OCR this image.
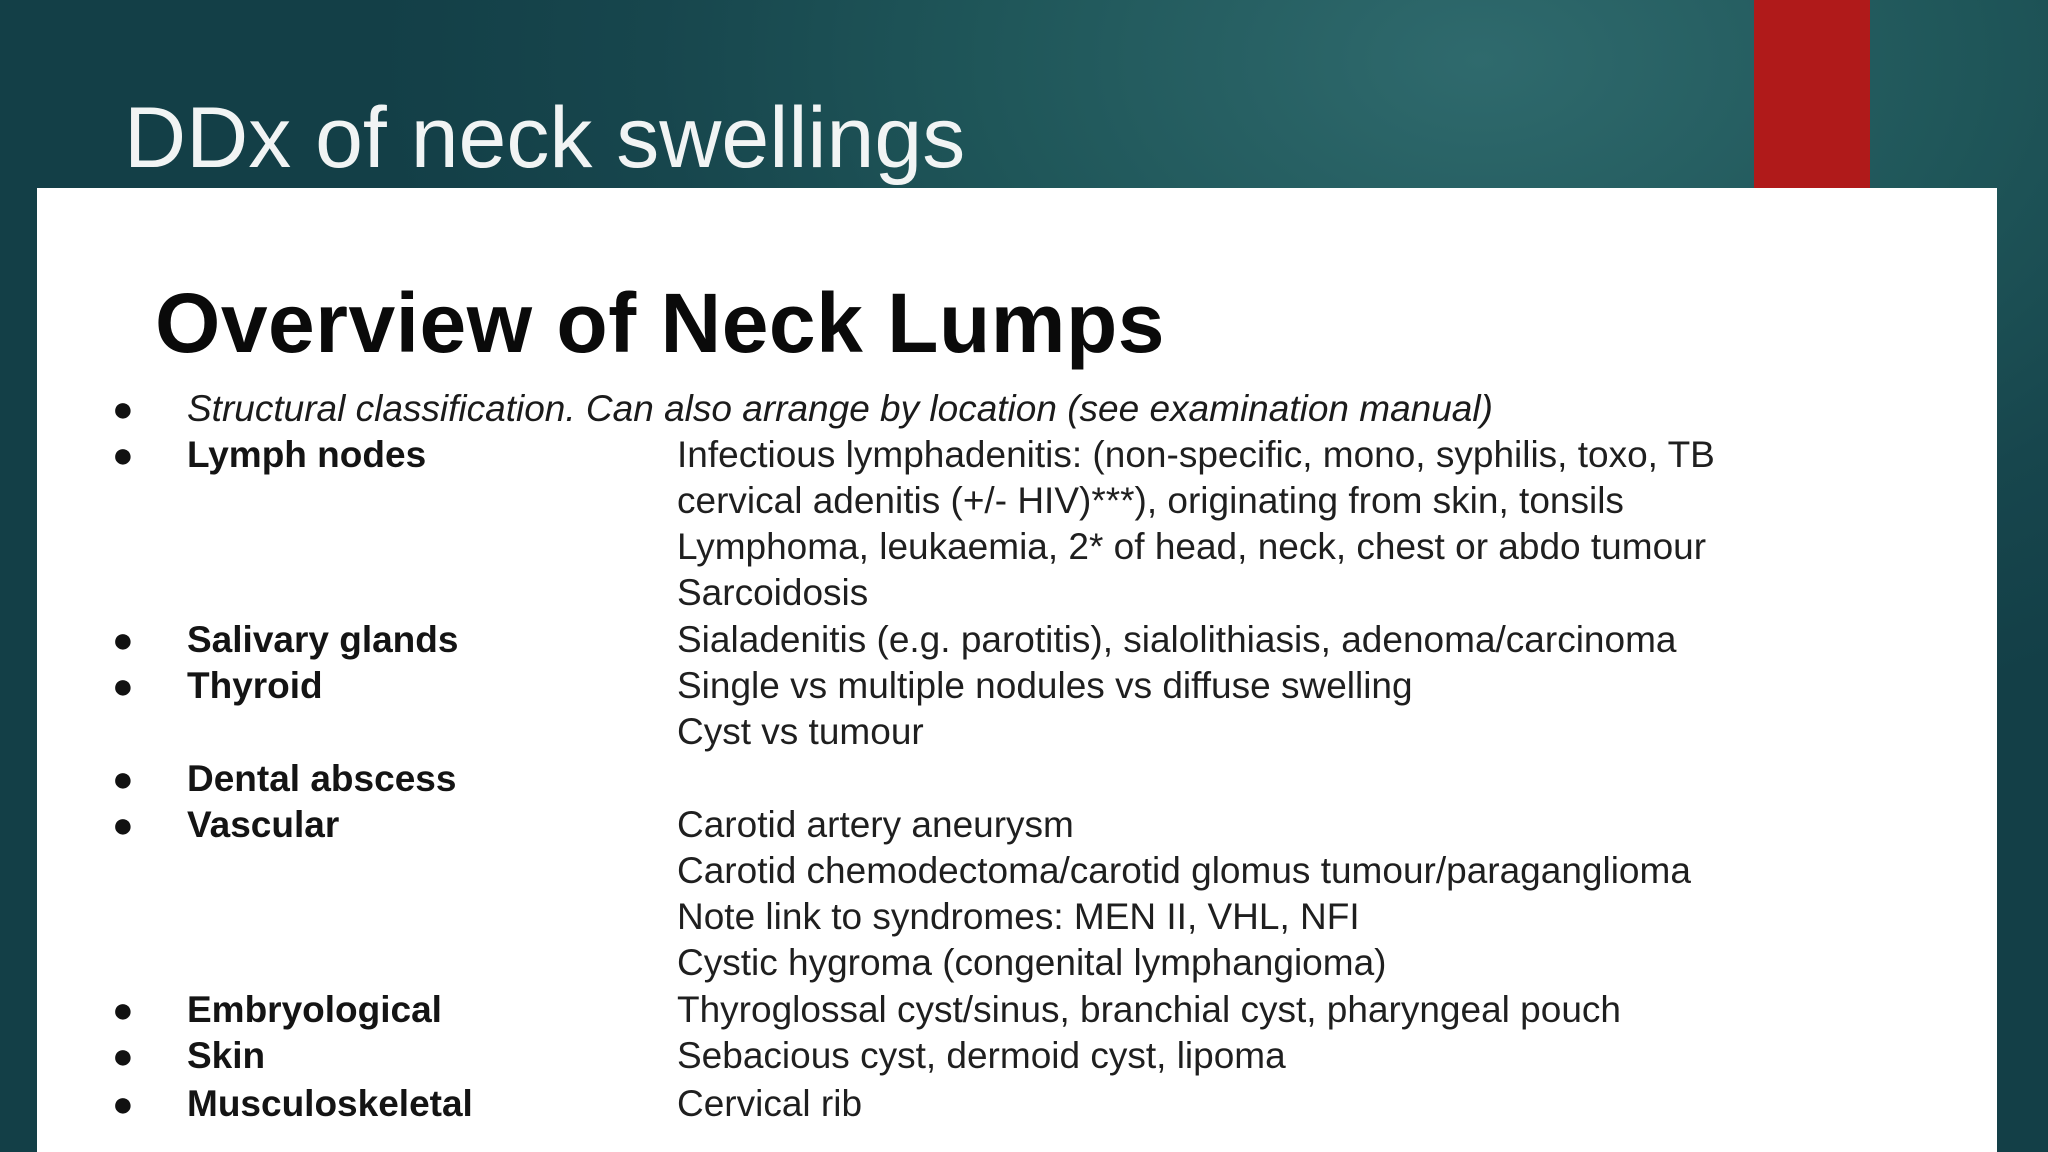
DDx of neck swellings
Overview of Neck Lumps
● Structural classification. Can also arrange by location (see examination manual)
● Lymph nodes	Infectious lymphadenitis: (non-specific, mono, syphilis, toxo, TB
cervical adenitis (+/- HIV)***), originating from skin, tonsils
Lymphoma, leukaemia, 2* of head, neck, chest or abdo tumour
Sarcoidosis
● Salivary glands	Sialadenitis (e.g. parotitis), sialolithiasis, adenoma/carcinoma
● Thyroid	Single vs multiple nodules vs diffuse swelling
Cyst vs tumour
● Dental abscess
● Vascular	Carotid artery aneurysm
Carotid chemodectoma/carotid glomus tumour/paraganglioma
Note link to syndromes: MEN II, VHL, NFI
Cystic hygroma (congenital lymphangioma)
● Embryological	Thyroglossal cyst/sinus, branchial cyst, pharyngeal pouch
● Skin	Sebacious cyst, dermoid cyst, lipoma
● Musculoskeletal	Cervical rib
